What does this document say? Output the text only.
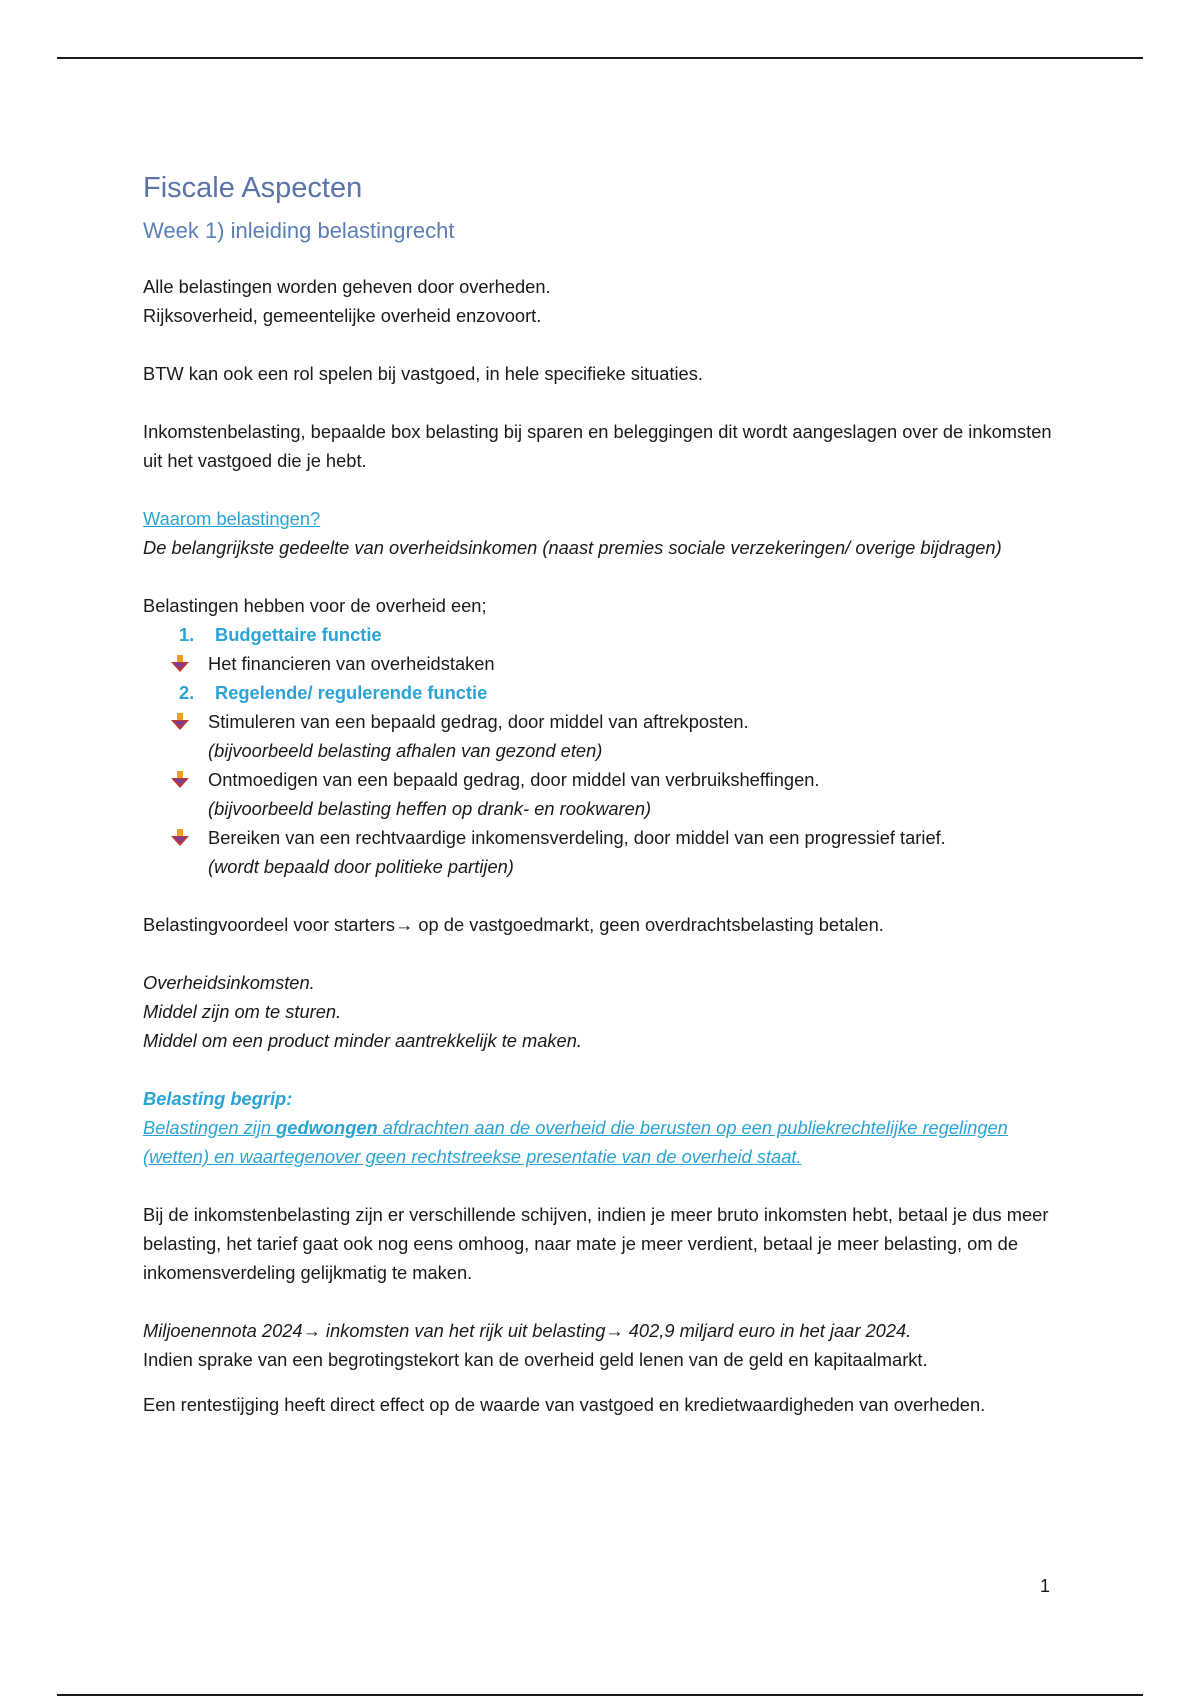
Fiscale Aspecten
Week 1) inleiding belastingrecht

Alle belastingen worden geheven door overheden.

Rijksoverheid, gemeentelijke overheid enzovoort.

BTW kan ook een rol spelen bij vastgoed, in hele specifieke situaties.

Inkomstenbelasting, bepaalde box belasting bij sparen en beleggingen dit wordt aangeslagen over de inkomsten uit het vastgoed die je hebt.

Waarom belastingen?

De belangrijkste gedeelte van overheidsinkomen (naast premies sociale verzekeringen/ overige bijdragen)

Belastingen hebben voor de overheid een;

1.	Budgettaire functie

Het financieren van overheidstaken

2.	Regelende/ regulerende functie

Stimuleren van een bepaald gedrag, door middel van aftrekposten.

(bijvoorbeeld belasting afhalen van gezond eten)

Ontmoedigen van een bepaald gedrag, door middel van verbruiksheffingen.

(bijvoorbeeld belasting heffen op drank- en rookwaren)

Bereiken van een rechtvaardige inkomensverdeling, door middel van een progressief tarief.

(wordt bepaald door politieke partijen)

Belastingvoordeel voor starters→ op de vastgoedmarkt, geen overdrachtsbelasting betalen.

Overheidsinkomsten.

Middel zijn om te sturen.

Middel om een product minder aantrekkelijk te maken.

Belasting begrip:

Belastingen zijn gedwongen afdrachten aan de overheid die berusten op een publiekrechtelijke regelingen (wetten) en waartegenover geen rechtstreekse presentatie van de overheid staat.

Bij de inkomstenbelasting zijn er verschillende schijven, indien je meer bruto inkomsten hebt, betaal je dus meer belasting, het tarief gaat ook nog eens omhoog, naar mate je meer verdient, betaal je meer belasting, om de inkomensverdeling gelijkmatig te maken.

Miljoenennota 2024→ inkomsten van het rijk uit belasting→ 402,9 miljard euro in het jaar 2024.

Indien sprake van een begrotingstekort kan de overheid geld lenen van de geld en kapitaalmarkt.

Een rentestijging heeft direct effect op de waarde van vastgoed en kredietwaardigheden van overheden.

1
